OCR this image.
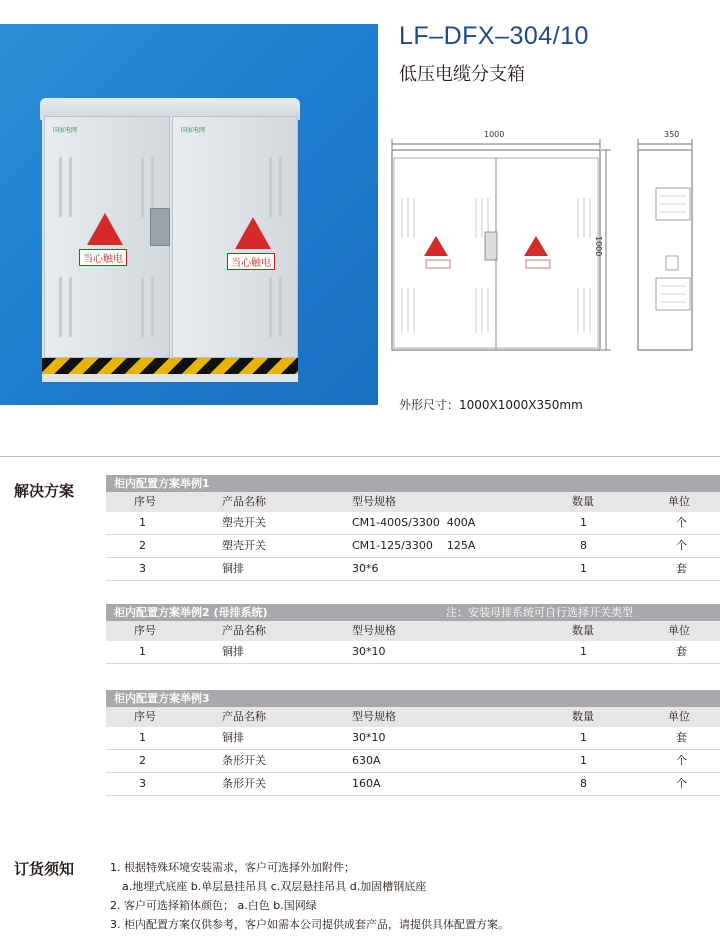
国家电网
当心触电
国家电网
当心触电
LF–DFX–304/10
低压电缆分支箱
1000
1000
350
外形尺寸：1000X1000X350mm
解决方案	柜内配置方案举例1
序号	产品名称	型号规格	数量	单位
1	塑壳开关	CM1-400S/3300  400A	1	个
2	塑壳开关	CM1-125/3300    125A	8	个
3	铜排	30*6	1	套
柜内配置方案举例2 (母排系统)	注：安装母排系统可自行选择开关类型
序号	产品名称	型号规格	数量	单位
1	铜排	30*10	1	套
柜内配置方案举例3
序号	产品名称	型号规格	数量	单位
1	铜排	30*10	1	套
2	条形开关	630A	1	个
3	条形开关	160A	8	个
订货须知	1. 根据特殊环境安装需求，客户可选择外加附件；
a.地埋式底座 b.单层悬挂吊具 c.双层悬挂吊具 d.加固槽钢底座
2. 客户可选择箱体颜色； a.白色 b.国网绿
3. 柜内配置方案仅供参考，客户如需本公司提供成套产品，请提供具体配置方案。
